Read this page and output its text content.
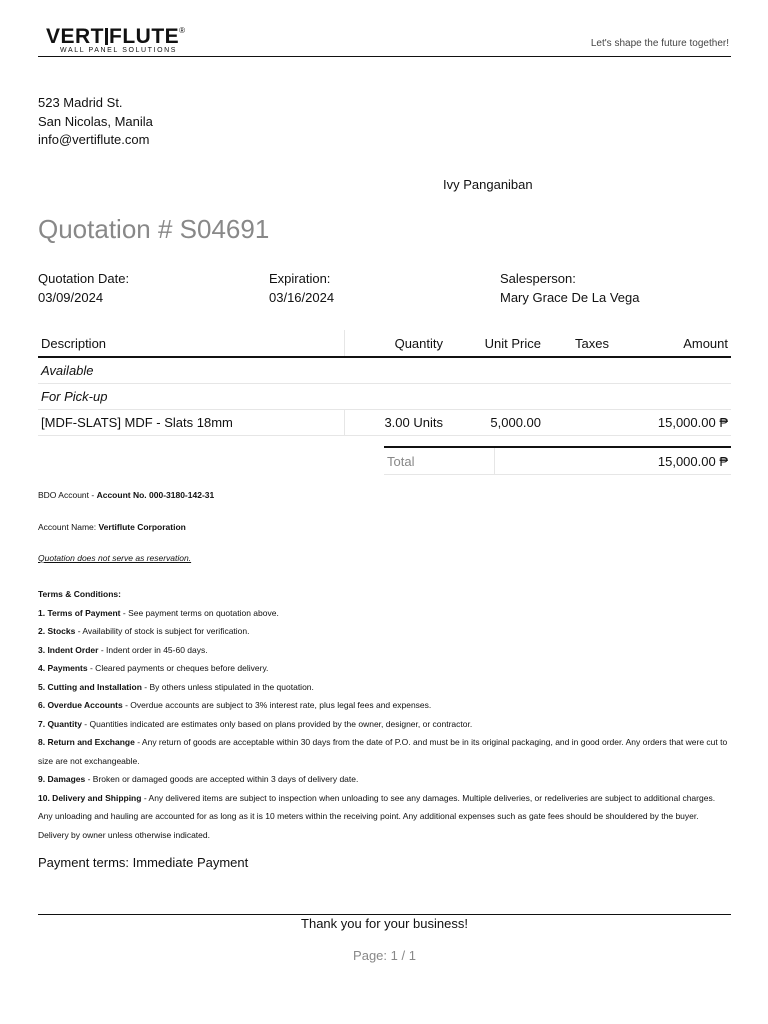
VERT FLUTE®
WALL PANEL SOLUTIONS
Let's shape the future together!
523 Madrid St.
San Nicolas, Manila
info@vertiflute.com
Ivy Panganiban
Quotation # S04691
Quotation Date:
03/09/2024
Expiration:
03/16/2024
Salesperson:
Mary Grace De La Vega
Description	Quantity	Unit Price	Taxes	Amount
Available				
For Pick-up				
[MDF-SLATS] MDF - Slats 18mm	3.00 Units	5,000.00		15,000.00 ₱
Total	15,000.00 ₱
BDO Account - Account No. 000-3180-142-31
Account Name: Vertiflute Corporation
Quotation does not serve as reservation.
Terms & Conditions:
1. Terms of Payment - See payment terms on quotation above.
2. Stocks - Availability of stock is subject for verification.
3. Indent Order - Indent order in 45-60 days.
4. Payments - Cleared payments or cheques before delivery.
5. Cutting and Installation - By others unless stipulated in the quotation.
6. Overdue Accounts - Overdue accounts are subject to 3% interest rate, plus legal fees and expenses.
7. Quantity - Quantities indicated are estimates only based on plans provided by the owner, designer, or contractor.
8. Return and Exchange - Any return of goods are acceptable within 30 days from the date of P.O. and must be in its original packaging, and in good order. Any orders that were cut to size are not exchangeable.
9. Damages - Broken or damaged goods are accepted within 3 days of delivery date.
10. Delivery and Shipping - Any delivered items are subject to inspection when unloading to see any damages. Multiple deliveries, or redeliveries are subject to additional charges. Any unloading and hauling are accounted for as long as it is 10 meters within the receiving point. Any additional expenses such as gate fees should be shouldered by the buyer. Delivery by owner unless otherwise indicated.
Payment terms: Immediate Payment
Thank you for your business!
Page: 1 / 1
